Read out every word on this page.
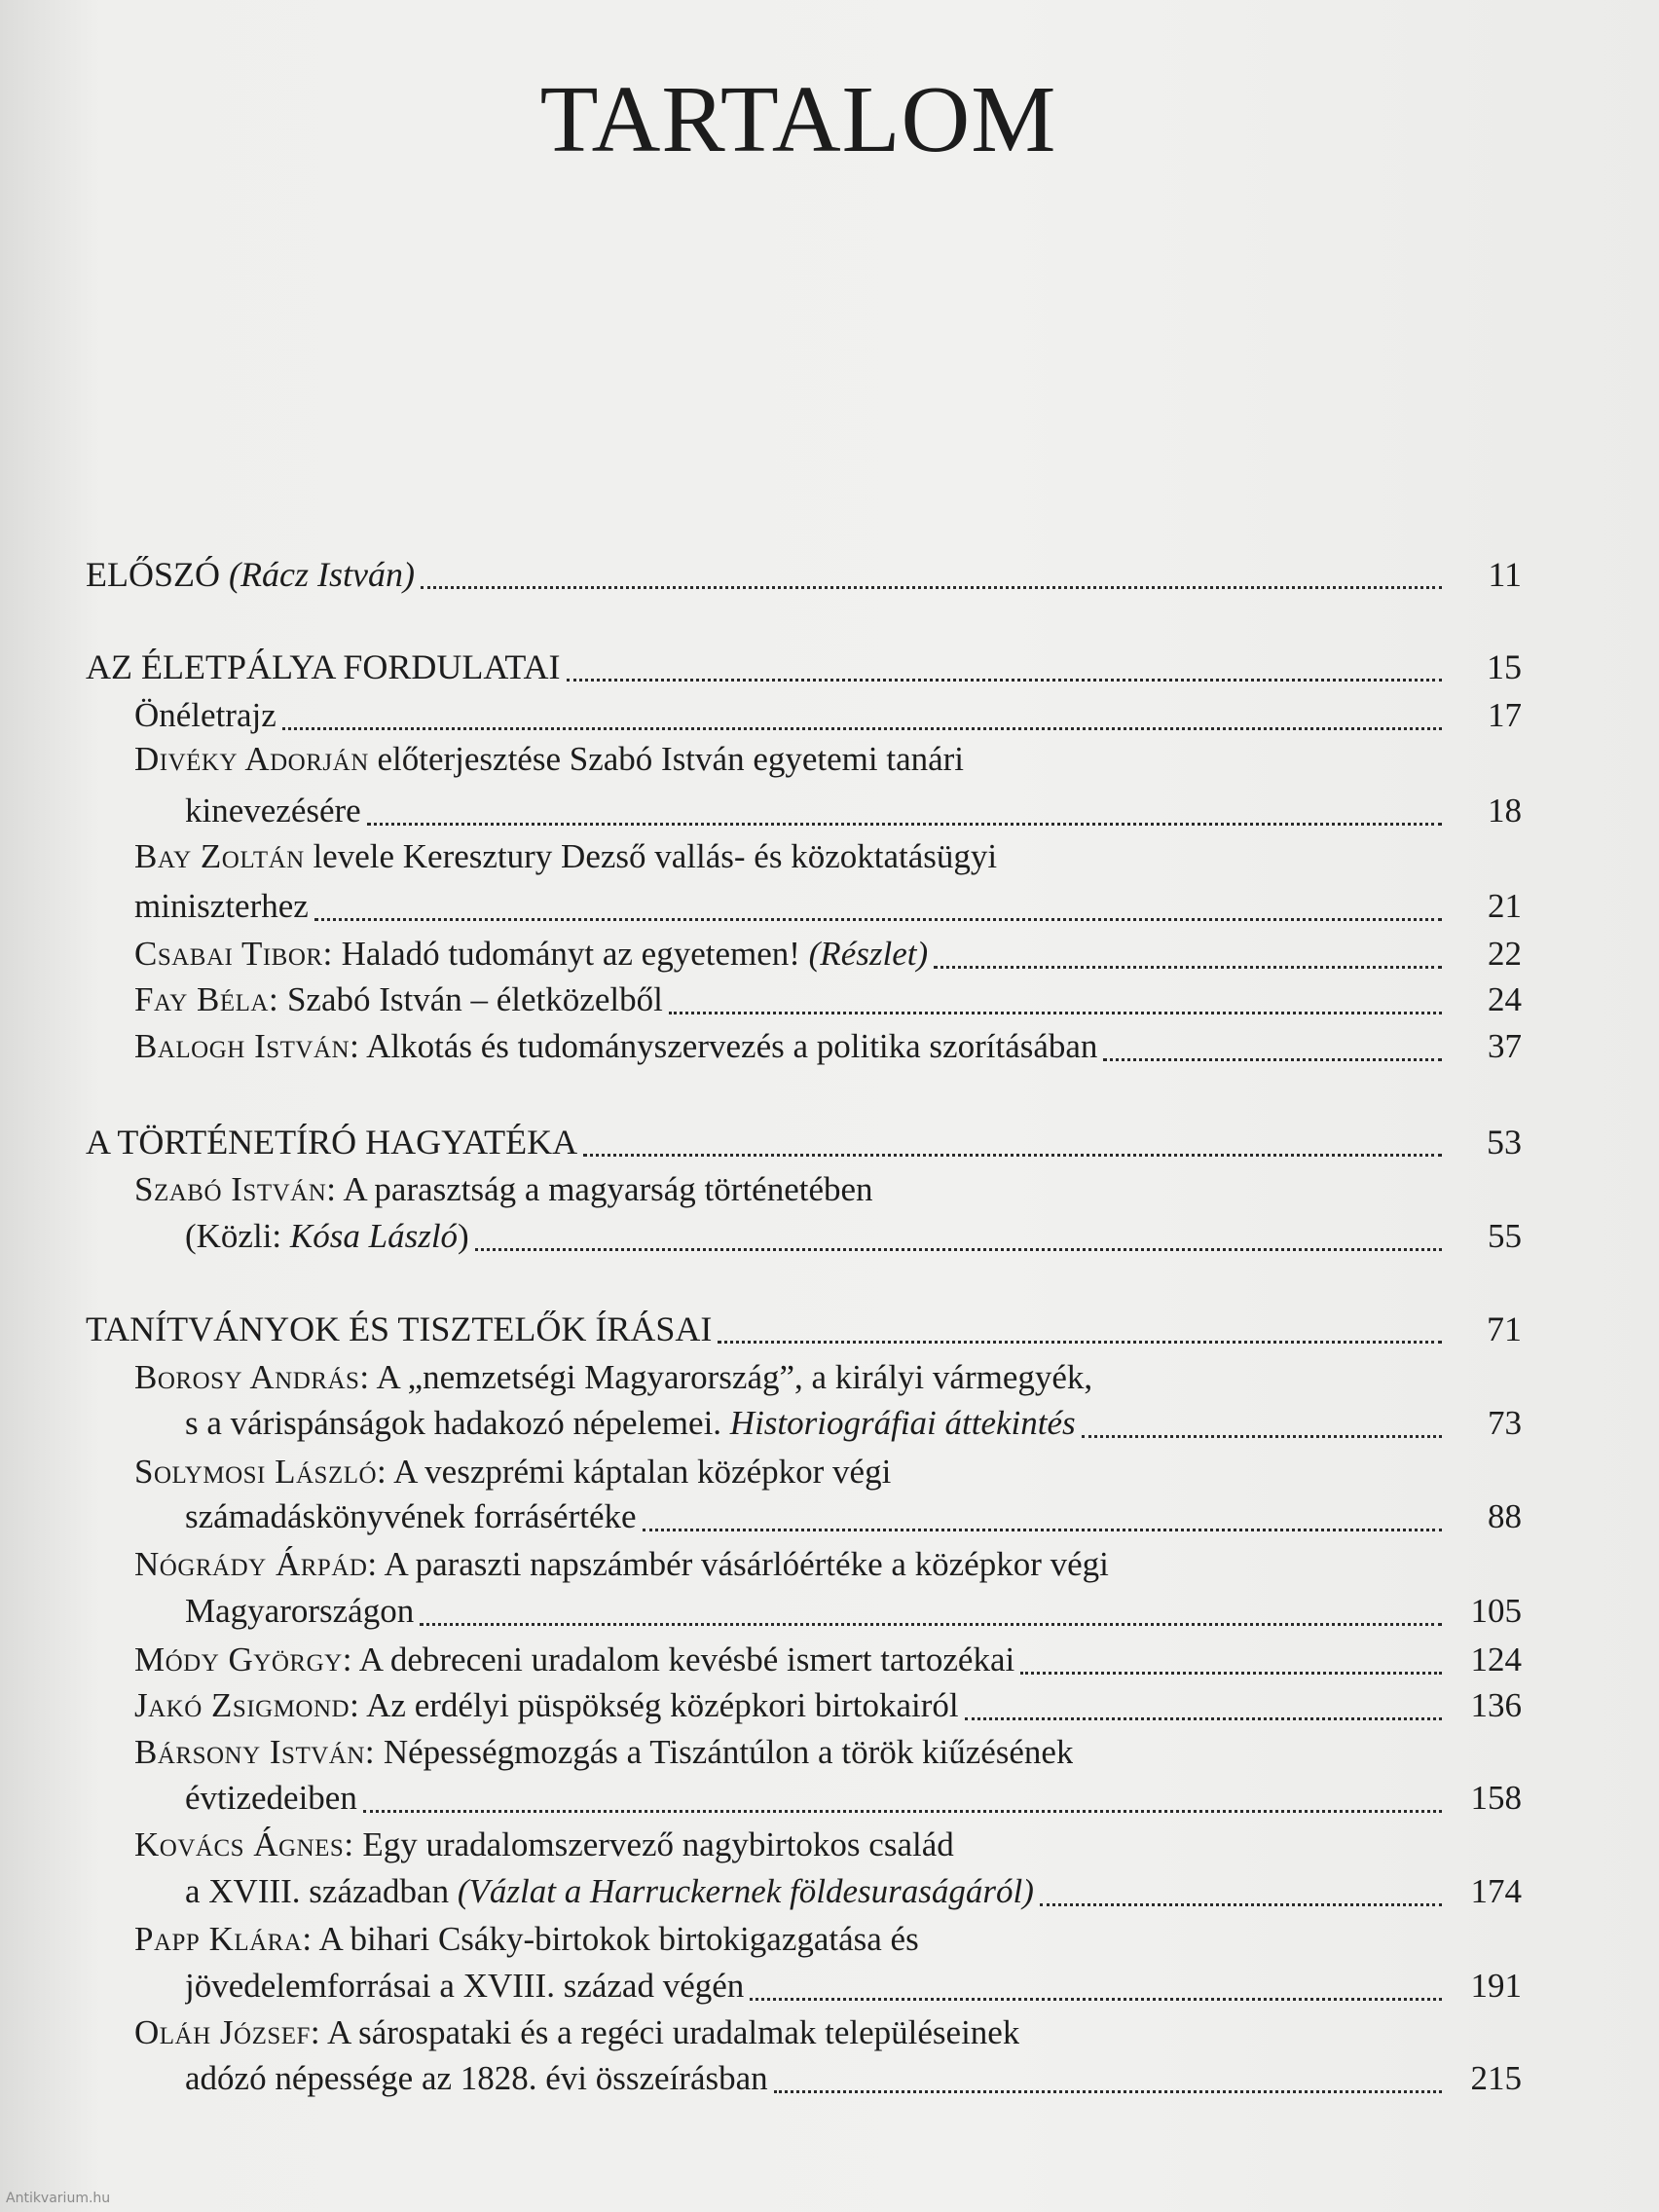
TARTALOM
ELŐSZÓ (Rácz István)	11
AZ ÉLETPÁLYA FORDULATAI	15
Önéletrajz	17
Divéky Adorján előterjesztése Szabó István egyetemi tanári
kinevezésére	18
Bay Zoltán levele Keresztury Dezső vallás- és közoktatásügyi
miniszterhez	21
Csabai Tibor: Haladó tudományt az egyetemen! (Részlet)	22
Fay Béla: Szabó István – életközelből	24
Balogh István: Alkotás és tudományszervezés a politika szorításában	37
A TÖRTÉNETÍRÓ HAGYATÉKA	53
Szabó István: A parasztság a magyarság történetében
(Közli: Kósa László)	55
TANÍTVÁNYOK ÉS TISZTELŐK ÍRÁSAI	71
Borosy András: A „nemzetségi Magyarország”, a királyi vármegyék,
s a várispánságok hadakozó népelemei. Historiográfiai áttekintés	73
Solymosi László: A veszprémi káptalan középkor végi
számadáskönyvének forrásértéke	88
Nógrády Árpád: A paraszti napszámbér vásárlóértéke a középkor végi
Magyarországon	105
Módy György: A debreceni uradalom kevésbé ismert tartozékai	124
Jakó Zsigmond: Az erdélyi püspökség középkori birtokairól	136
Bársony István: Népességmozgás a Tiszántúlon a török kiűzésének
évtizedeiben	158
Kovács Ágnes: Egy uradalomszervező nagybirtokos család
a XVIII. században (Vázlat a Harruckernek földesuraságáról)	174
Papp Klára: A bihari Csáky-birtokok birtokigazgatása és
jövedelemforrásai a XVIII. század végén	191
Oláh József: A sárospataki és a regéci uradalmak településeinek
adózó népessége az 1828. évi összeírásban	215
Antikvarium.hu
